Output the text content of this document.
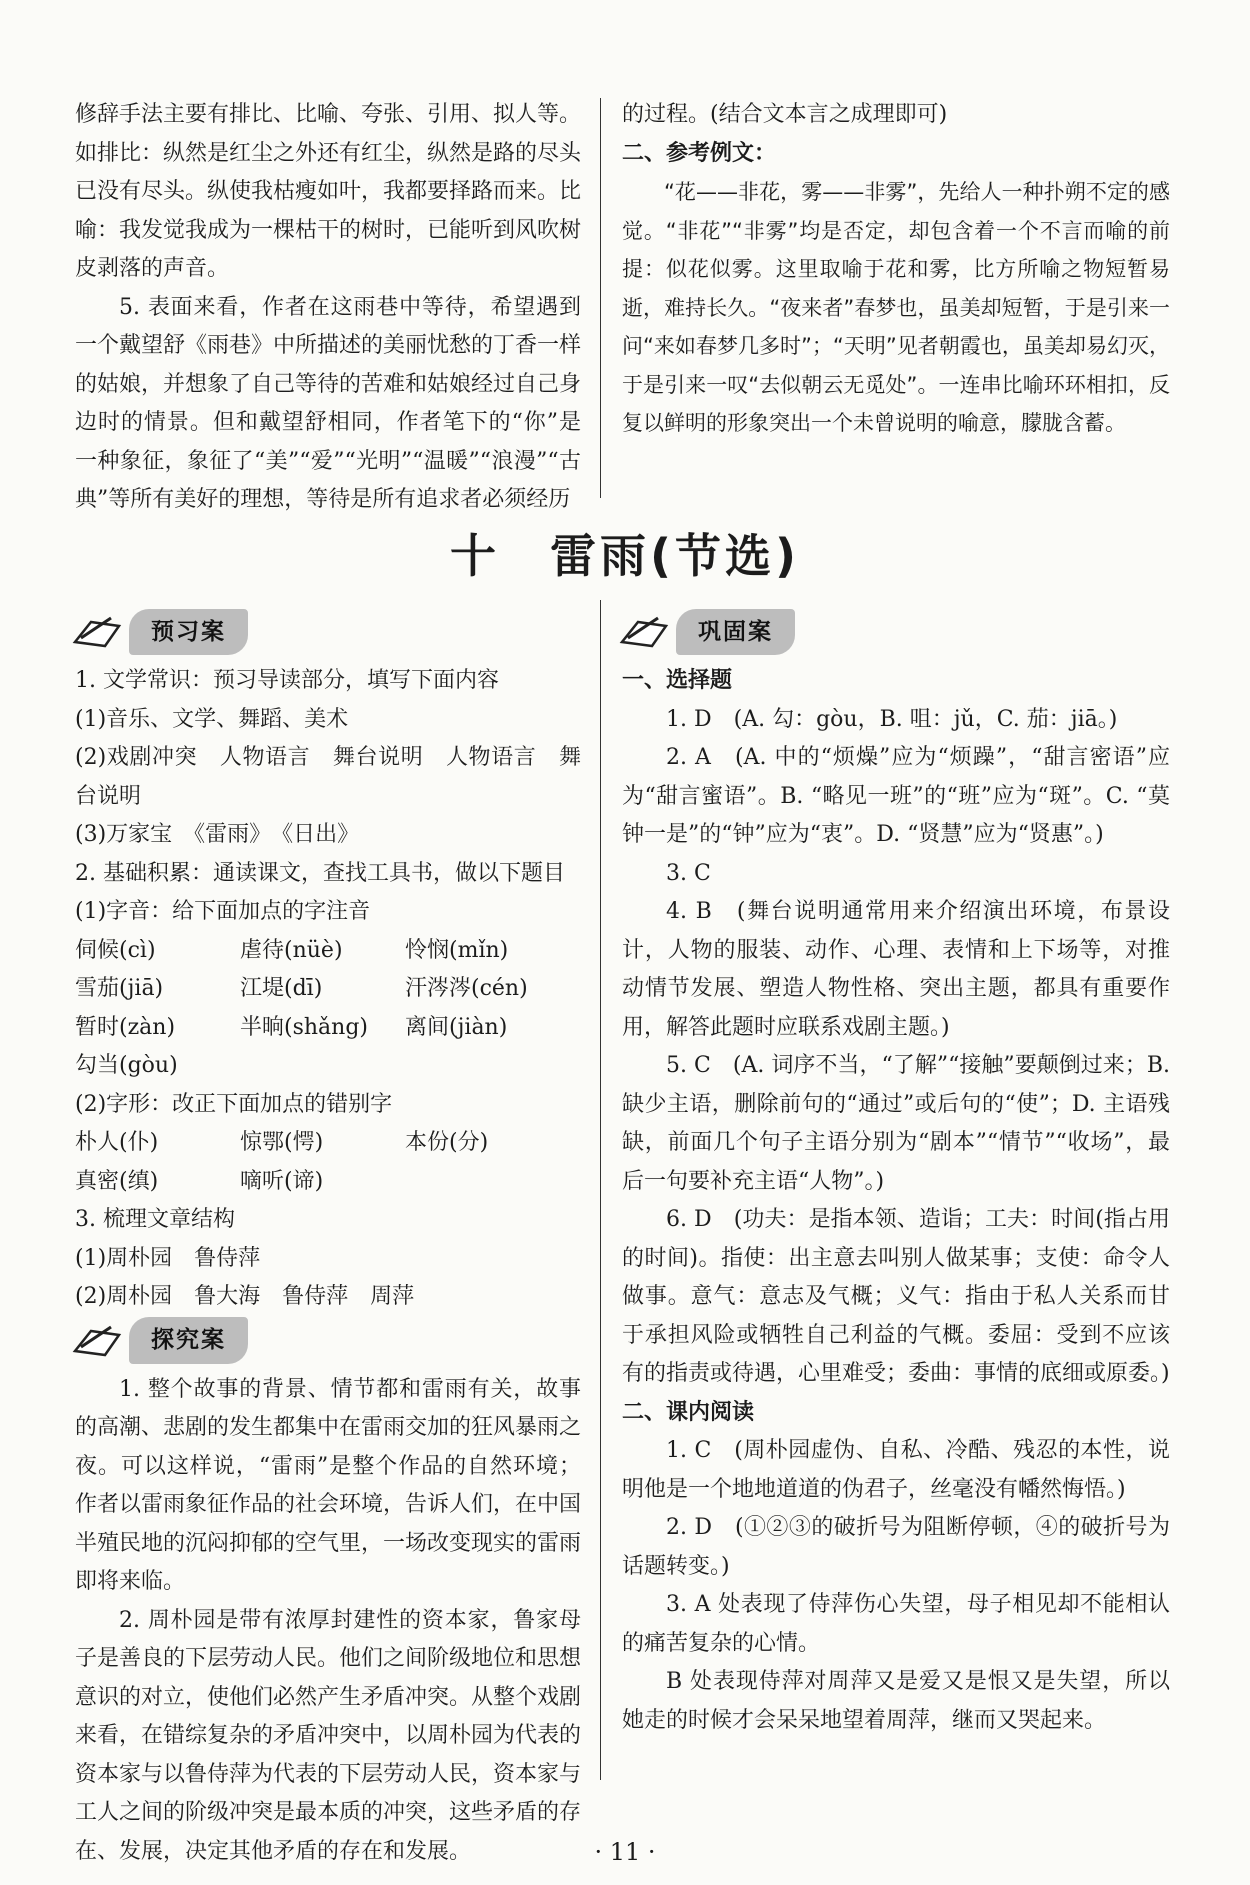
修辞手法主要有排比、比喻、夸张、引用、拟人等。如排比：纵然是红尘之外还有红尘，纵然是路的尽头已没有尽头。纵使我枯瘦如叶，我都要择路而来。比喻：我发觉我成为一棵枯干的树时，已能听到风吹树皮剥落的声音。

5. 表面来看，作者在这雨巷中等待，希望遇到一个戴望舒《雨巷》中所描述的美丽忧愁的丁香一样的姑娘，并想象了自己等待的苦难和姑娘经过自己身边时的情景。但和戴望舒相同，作者笔下的“你”是一种象征，象征了“美”“爱”“光明”“温暖”“浪漫”“古典”等所有美好的理想，等待是所有追求者必须经历

的过程。(结合文本言之成理即可)

二、参考例文：

“花——非花，雾——非雾”，先给人一种扑朔不定的感觉。“非花”“非雾”均是否定，却包含着一个不言而喻的前提：似花似雾。这里取喻于花和雾，比方所喻之物短暂易逝，难持长久。“夜来者”春梦也，虽美却短暂，于是引来一问“来如春梦几多时”；“天明”见者朝霞也，虽美却易幻灭，于是引来一叹“去似朝云无觅处”。一连串比喻环环相扣，反复以鲜明的形象突出一个未曾说明的喻意，朦胧含蓄。

十　雷雨(节选)
预习案

1. 文学常识：预习导读部分，填写下面内容

(1)音乐、文学、舞蹈、美术

(2)戏剧冲突　人物语言　舞台说明　人物语言　舞台说明

(3)万家宝　《雷雨》　《日出》

2. 基础积累：通读课文，查找工具书，做以下题目

(1)字音：给下面加点的字注音

伺候(cì)	虐待(nüè)	怜悯(mǐn)
雪茄(jiā)	江堤(dī)	汗涔涔(cén)
暂时(zàn)	半晌(shǎng)	离间(jiàn)
勾当(gòu)

(2)字形：改正下面加点的错别字

朴人(仆)	惊鄂(愕)	本份(分)
真密(缜)	嘀听(谛)

3. 梳理文章结构

(1)周朴园　鲁侍萍

(2)周朴园　鲁大海　鲁侍萍　周萍

探究案

1. 整个故事的背景、情节都和雷雨有关，故事的高潮、悲剧的发生都集中在雷雨交加的狂风暴雨之夜。可以这样说，“雷雨”是整个作品的自然环境；作者以雷雨象征作品的社会环境，告诉人们，在中国半殖民地的沉闷抑郁的空气里，一场改变现实的雷雨即将来临。

2. 周朴园是带有浓厚封建性的资本家，鲁家母子是善良的下层劳动人民。他们之间阶级地位和思想意识的对立，使他们必然产生矛盾冲突。从整个戏剧来看，在错综复杂的矛盾冲突中，以周朴园为代表的资本家与以鲁侍萍为代表的下层劳动人民，资本家与工人之间的阶级冲突是最本质的冲突，这些矛盾的存在、发展，决定其他矛盾的存在和发展。

巩固案

一、选择题

1. D　(A. 勾：gòu，B. 咀：jǔ，C. 茄：jiā。)

2. A　(A. 中的“烦燥”应为“烦躁”，“甜言密语”应为“甜言蜜语”。B. “略见一班”的“班”应为“斑”。C. “莫钟一是”的“钟”应为“衷”。D. “贤慧”应为“贤惠”。)

3. C

4. B　(舞台说明通常用来介绍演出环境，布景设计，人物的服装、动作、心理、表情和上下场等，对推动情节发展、塑造人物性格、突出主题，都具有重要作用，解答此题时应联系戏剧主题。)

5. C　(A. 词序不当，“了解”“接触”要颠倒过来；B. 缺少主语，删除前句的“通过”或后句的“使”；D. 主语残缺，前面几个句子主语分别为“剧本”“情节”“收场”，最后一句要补充主语“人物”。)

6. D　(功夫：是指本领、造诣；工夫：时间(指占用的时间)。指使：出主意去叫别人做某事；支使：命令人做事。意气：意志及气概；义气：指由于私人关系而甘于承担风险或牺牲自己利益的气概。委屈：受到不应该有的指责或待遇，心里难受；委曲：事情的底细或原委。)

二、课内阅读

1. C　(周朴园虚伪、自私、冷酷、残忍的本性，说明他是一个地地道道的伪君子，丝毫没有幡然悔悟。)

2. D　(①②③的破折号为阻断停顿，④的破折号为话题转变。)

3. A 处表现了侍萍伤心失望，母子相见却不能相认的痛苦复杂的心情。

B 处表现侍萍对周萍又是爱又是恨又是失望，所以她走的时候才会呆呆地望着周萍，继而又哭起来。

· 11 ·
